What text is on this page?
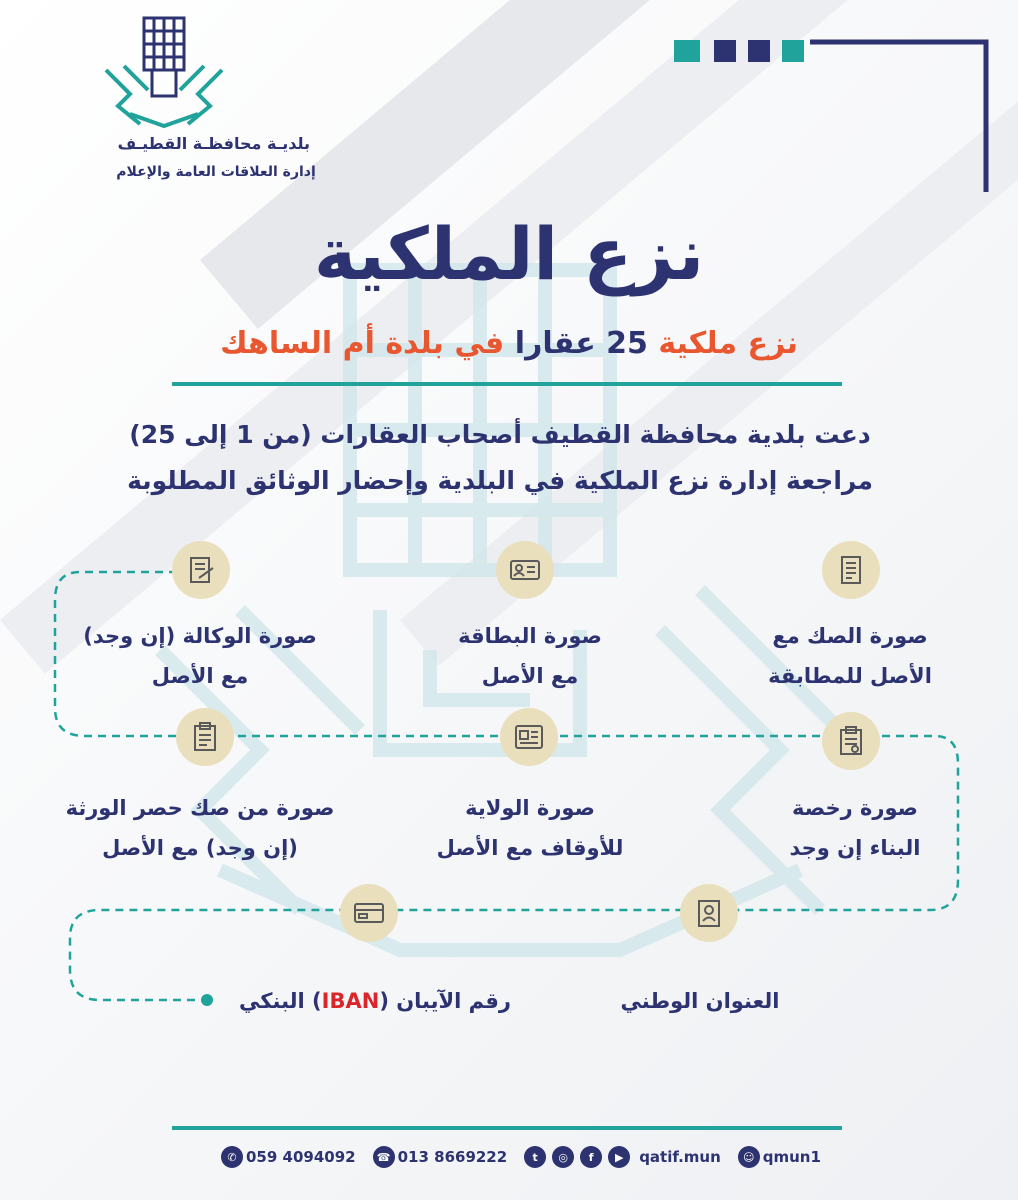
بلديـة محافظـة القطيـف
إدارة العلاقات العامة والإعلام
نزع الملكية
نزع ملكية 25 عقارا في بلدة أم الساهك
دعت بلدية محافظة القطيف أصحاب العقارات (من 1 إلى 25)
مراجعة إدارة نزع الملكية في البلدية وإحضار الوثائق المطلوبة
صورة الوكالة (إن وجد)
مع الأصل
صورة البطاقة
مع الأصل
صورة الصك مع
الأصل للمطابقة
صورة من صك حصر الورثة
(إن وجد) مع الأصل
صورة الولاية
للأوقاف مع الأصل
صورة رخصة
البناء إن وجد
رقم الآيبان (IBAN) البنكي	العنوان الوطني
✆ 059 4094092	☎ 013 8669222	t	◎	f	▶	qatif.mun	☺ qmun1
